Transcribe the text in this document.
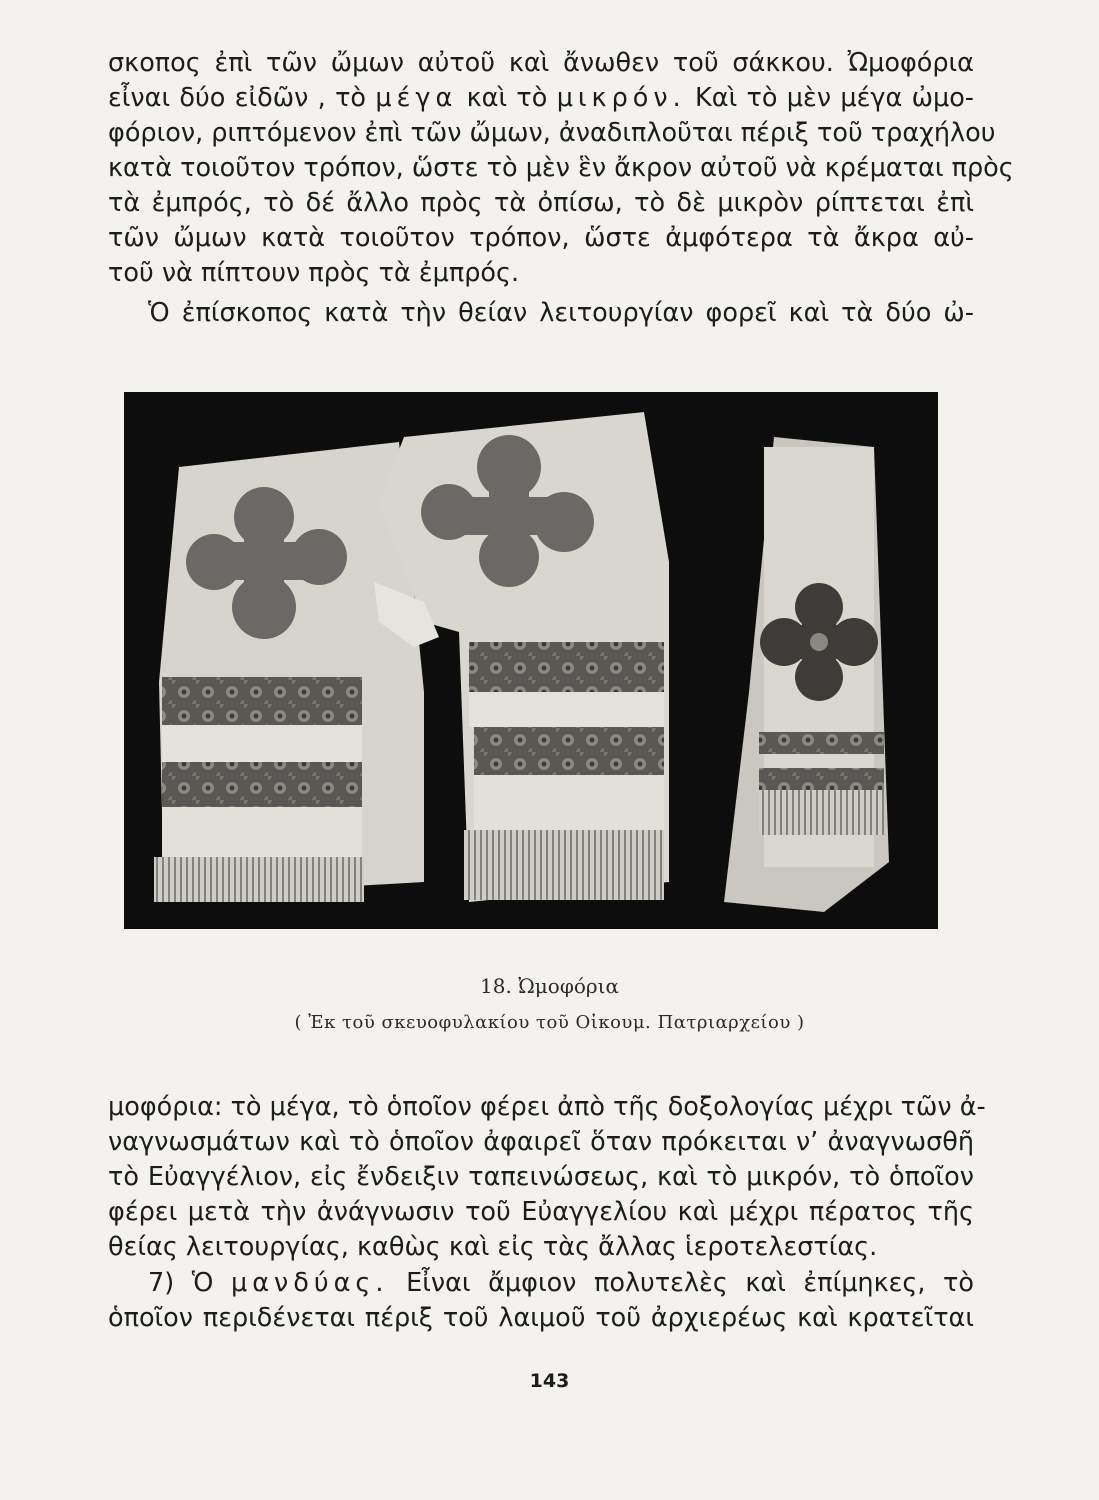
σκοπος ἐπὶ τῶν ὤμων αὐτοῦ καὶ ἄνωθεν τοῦ σάκκου. Ὠμοφόρια
εἶναι δύο εἰδῶν , τὸ μέγα καὶ τὸ μικρόν. Καὶ τὸ μὲν μέγα ὠμο-
φόριον, ριπτόμενον ἐπὶ τῶν ὤμων, ἀναδιπλοῦται πέριξ τοῦ τραχήλου
κατὰ τοιοῦτον τρόπον, ὥστε τὸ μὲν ἓν ἄκρον αὐτοῦ νὰ κρέμαται πρὸς
τὰ ἐμπρός, τὸ δέ ἄλλο πρὸς τὰ ὀπίσω, τὸ δὲ μικρὸν ρίπτεται ἐπὶ
τῶν ὤμων κατὰ τοιοῦτον τρόπον, ὥστε ἀμφότερα τὰ ἄκρα αὐ-
τοῦ νὰ πίπτουν πρὸς τὰ ἐμπρός.
Ὁ ἐπίσκοπος κατὰ τὴν θείαν λειτουργίαν φορεῖ καὶ τὰ δύο ὠ-
18. Ὠμοφόρια
( Ἐκ τοῦ σκευοφυλακίου τοῦ Οἰκουμ. Πατριαρχείου )
μοφόρια: τὸ μέγα, τὸ ὁποῖον φέρει ἀπὸ τῆς δοξολογίας μέχρι τῶν ἀ-
ναγνωσμάτων καὶ τὸ ὁποῖον ἀφαιρεῖ ὅταν πρόκειται ν’ ἀναγνωσθῆ
τὸ Εὐαγγέλιον, εἰς ἔνδειξιν ταπεινώσεως, καὶ τὸ μικρόν, τὸ ὁποῖον
φέρει μετὰ τὴν ἀνάγνωσιν τοῦ Εὐαγγελίου καὶ μέχρι πέρατος τῆς
θείας λειτουργίας, καθὼς καὶ εἰς τὰς ἄλλας ἱεροτελεστίας.
7) Ὁ μανδύας. Εἶναι ἄμφιον πολυτελὲς καὶ ἐπίμηκες, τὸ
ὁποῖον περιδένεται πέριξ τοῦ λαιμοῦ τοῦ ἀρχιερέως καὶ κρατεῖται
143
